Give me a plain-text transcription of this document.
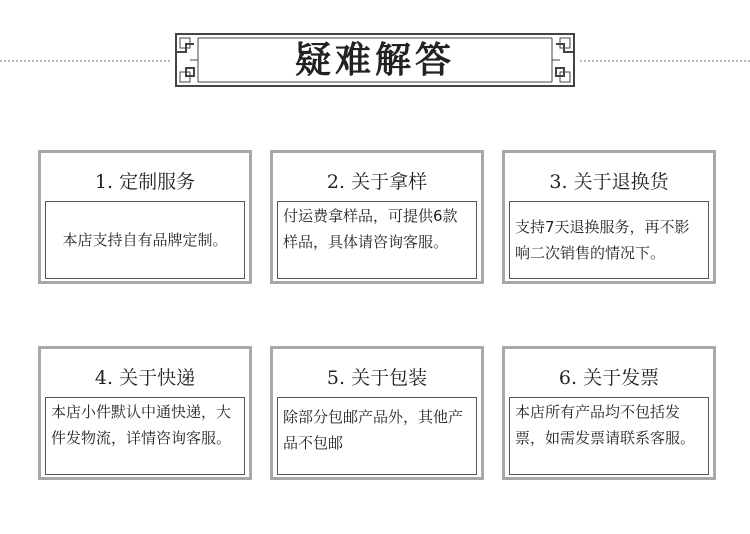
疑难解答
1. 定制服务
本店支持自有品牌定制。
2. 关于拿样
付运费拿样品，可提供6款样品，具体请咨询客服。
3. 关于退换货
支持7天退换服务，再不影响二次销售的情况下。
4. 关于快递
本店小件默认中通快递，大件发物流，详情咨询客服。
5. 关于包装
除部分包邮产品外，其他产品不包邮
6. 关于发票
本店所有产品均不包括发票，如需发票请联系客服。
